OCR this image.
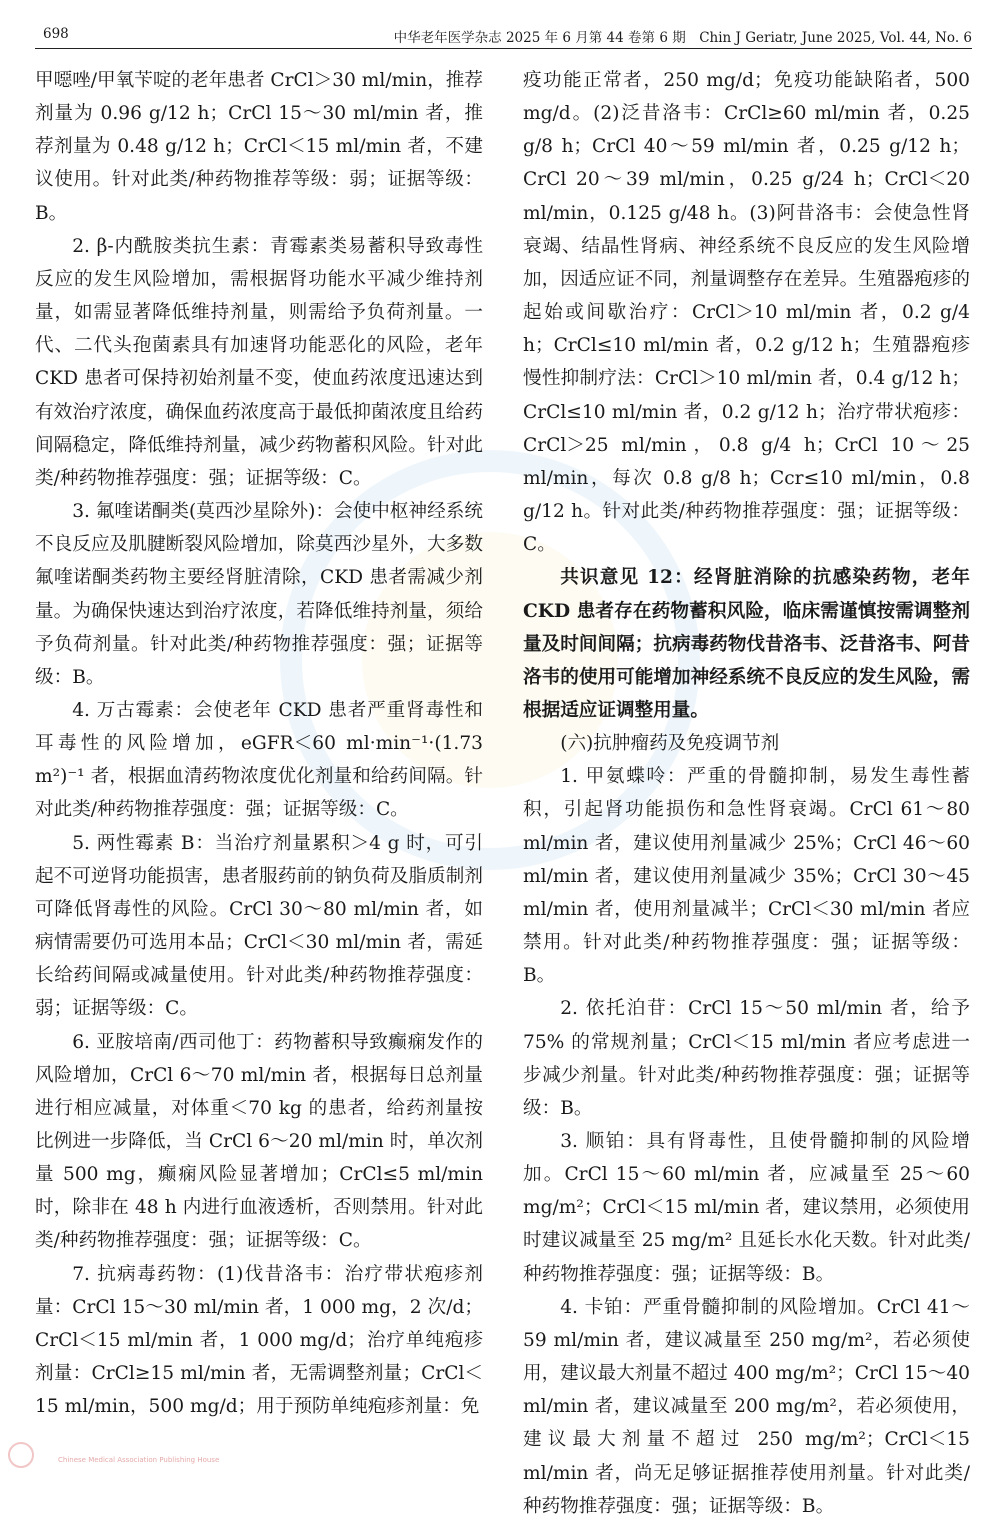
698	中华老年医学杂志 2025 年 6 月第 44 卷第 6 期　Chin J Geriatr, June 2025, Vol. 44, No. 6

甲噁唑/甲氧苄啶的老年患者 CrCl＞30 ml/min，推荐剂量为 0.96 g/12 h；CrCl 15～30 ml/min 者，推荐剂量为 0.48 g/12 h；CrCl＜15 ml/min 者，不建议使用。针对此类/种药物推荐等级：弱；证据等级：B。

2. β-内酰胺类抗生素：青霉素类易蓄积导致毒性反应的发生风险增加，需根据肾功能水平减少维持剂量，如需显著降低维持剂量，则需给予负荷剂量。一代、二代头孢菌素具有加速肾功能恶化的风险，老年 CKD 患者可保持初始剂量不变，使血药浓度迅速达到有效治疗浓度，确保血药浓度高于最低抑菌浓度且给药间隔稳定，降低维持剂量，减少药物蓄积风险。针对此类/种药物推荐强度：强；证据等级：C。

3. 氟喹诺酮类(莫西沙星除外)：会使中枢神经系统不良反应及肌腱断裂风险增加，除莫西沙星外，大多数氟喹诺酮类药物主要经肾脏清除，CKD 患者需减少剂量。为确保快速达到治疗浓度，若降低维持剂量，须给予负荷剂量。针对此类/种药物推荐强度：强；证据等级：B。

4. 万古霉素：会使老年 CKD 患者严重肾毒性和耳毒性的风险增加，eGFR＜60 ml·min⁻¹·(1.73 m²)⁻¹ 者，根据血清药物浓度优化剂量和给药间隔。针对此类/种药物推荐强度：强；证据等级：C。

5. 两性霉素 B：当治疗剂量累积＞4 g 时，可引起不可逆肾功能损害，患者服药前的钠负荷及脂质制剂可降低肾毒性的风险。CrCl 30～80 ml/min 者，如病情需要仍可选用本品；CrCl＜30 ml/min 者，需延长给药间隔或减量使用。针对此类/种药物推荐强度：弱；证据等级：C。

6. 亚胺培南/西司他丁：药物蓄积导致癫痫发作的风险增加，CrCl 6～70 ml/min 者，根据每日总剂量进行相应减量，对体重＜70 kg 的患者，给药剂量按比例进一步降低，当 CrCl 6～20 ml/min 时，单次剂量 500 mg，癫痫风险显著增加；CrCl≤5 ml/min 时，除非在 48 h 内进行血液透析，否则禁用。针对此类/种药物推荐强度：强；证据等级：C。

7. 抗病毒药物：(1)伐昔洛韦：治疗带状疱疹剂量：CrCl 15～30 ml/min 者，1 000 mg，2 次/d；CrCl＜15 ml/min 者，1 000 mg/d；治疗单纯疱疹剂量：CrCl≥15 ml/min 者，无需调整剂量；CrCl＜15 ml/min，500 mg/d；用于预防单纯疱疹剂量：免

疫功能正常者，250 mg/d；免疫功能缺陷者，500 mg/d。(2)泛昔洛韦：CrCl≥60 ml/min 者，0.25 g/8 h；CrCl 40～59 ml/min 者，0.25 g/12 h；CrCl 20～39 ml/min，0.25 g/24 h；CrCl＜20 ml/min，0.125 g/48 h。(3)阿昔洛韦：会使急性肾衰竭、结晶性肾病、神经系统不良反应的发生风险增加，因适应证不同，剂量调整存在差异。生殖器疱疹的起始或间歇治疗：CrCl＞10 ml/min 者，0.2 g/4 h；CrCl≤10 ml/min 者，0.2 g/12 h；生殖器疱疹慢性抑制疗法：CrCl＞10 ml/min 者，0.4 g/12 h；CrCl≤10 ml/min 者，0.2 g/12 h；治疗带状疱疹：CrCl＞25 ml/min，0.8 g/4 h；CrCl 10～25 ml/min，每次 0.8 g/8 h；Ccr≤10 ml/min，0.8 g/12 h。针对此类/种药物推荐强度：强；证据等级：C。

共识意见 12：经肾脏消除的抗感染药物，老年 CKD 患者存在药物蓄积风险，临床需谨慎按需调整剂量及时间间隔；抗病毒药物伐昔洛韦、泛昔洛韦、阿昔洛韦的使用可能增加神经系统不良反应的发生风险，需根据适应证调整用量。

(六)抗肿瘤药及免疫调节剂

1. 甲氨蝶呤：严重的骨髓抑制，易发生毒性蓄积，引起肾功能损伤和急性肾衰竭。CrCl 61～80 ml/min 者，建议使用剂量减少 25%；CrCl 46～60 ml/min 者，建议使用剂量减少 35%；CrCl 30～45 ml/min 者，使用剂量减半；CrCl＜30 ml/min 者应禁用。针对此类/种药物推荐强度：强；证据等级：B。

2. 依托泊苷：CrCl 15～50 ml/min 者，给予 75% 的常规剂量；CrCl＜15 ml/min 者应考虑进一步减少剂量。针对此类/种药物推荐强度：强；证据等级：B。

3. 顺铂：具有肾毒性，且使骨髓抑制的风险增加。CrCl 15～60 ml/min 者，应减量至 25～60 mg/m²；CrCl＜15 ml/min 者，建议禁用，必须使用时建议减量至 25 mg/m² 且延长水化天数。针对此类/种药物推荐强度：强；证据等级：B。

4. 卡铂：严重骨髓抑制的风险增加。CrCl 41～59 ml/min 者，建议减量至 250 mg/m²，若必须使用，建议最大剂量不超过 400 mg/m²；CrCl 15～40 ml/min 者，建议减量至 200 mg/m²，若必须使用，建议最大剂量不超过 250 mg/m²；CrCl＜15 ml/min 者，尚无足够证据推荐使用剂量。针对此类/种药物推荐强度：强；证据等级：B。

Chinese Medical Association Publishing House
